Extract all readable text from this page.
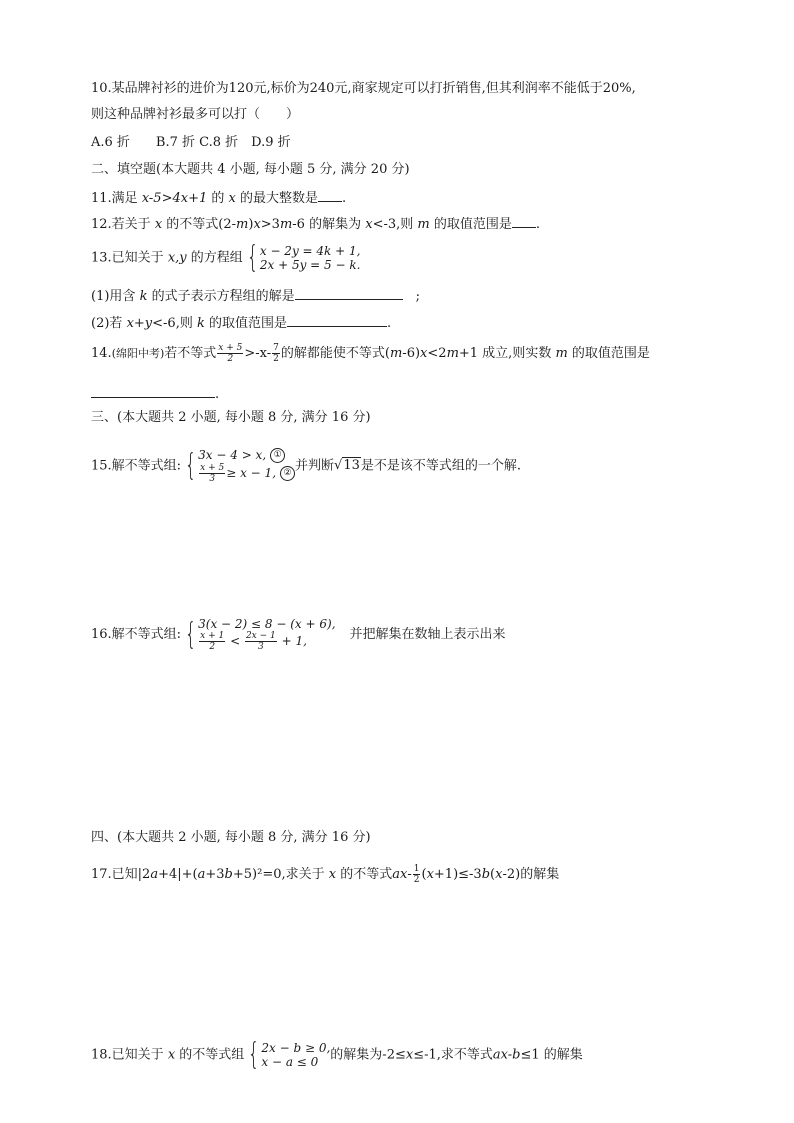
10.某品牌衬衫的进价为120元,标价为240元,商家规定可以打折销售,但其利润率不能低于20%,
则这种品牌衬衫最多可以打（　　）
A.6 折　　B.7 折 C.8 折　D.9 折
二、填空题(本大题共 4 小题, 每小题 5 分, 满分 20 分)
11.满足 x-5>4x+1 的 x 的最大整数是 .
12.若关于 x 的不等式(2-m)x>3m-6 的解集为 x<-3,则 m 的取值范围是 .
13.已知关于 x,y 的方程组 { x − 2y = 4k + 1,
2x + 5y = 5 − k.
(1)用含 k 的式子表示方程组的解是	　;
(2)若 x+y<-6,则 k 的取值范围是	.
14.(绵阳中考)若不等式 $\frac{x + 5}{2} >-x- \frac{7}{2}$ 的解都能使不等式(m-6)x<2m+1 成立,则实数 m 的取值范围是
.
三、(本大题共 2 小题, 每小题 8 分, 满分 16 分)
15.解不等式组: { 3x − 4 > x, ①
$\frac{x + 5}{3} \ge x - 1$, ② 并判断√13是不是该不等式组的一个解.
16.解不等式组: { 3(x − 2) ≤ 8 − (x + 6),
$\frac{x + 1}{2} < \frac{2x - 1}{3} + 1$,	并把解集在数轴上表示出来
四、(本大题共 2 小题, 每小题 8 分, 满分 16 分)
17.已知|2a+4|+(a+3b+5)²=0,求关于 x 的不等式$ax- \frac{1}{2} (x+1)\le-3b(x-2)$的解集
18.已知关于 x 的不等式组 { 2x − b ≥ 0,
x − a ≤ 0 的解集为-2≤x≤-1,求不等式ax-b≤1 的解集
